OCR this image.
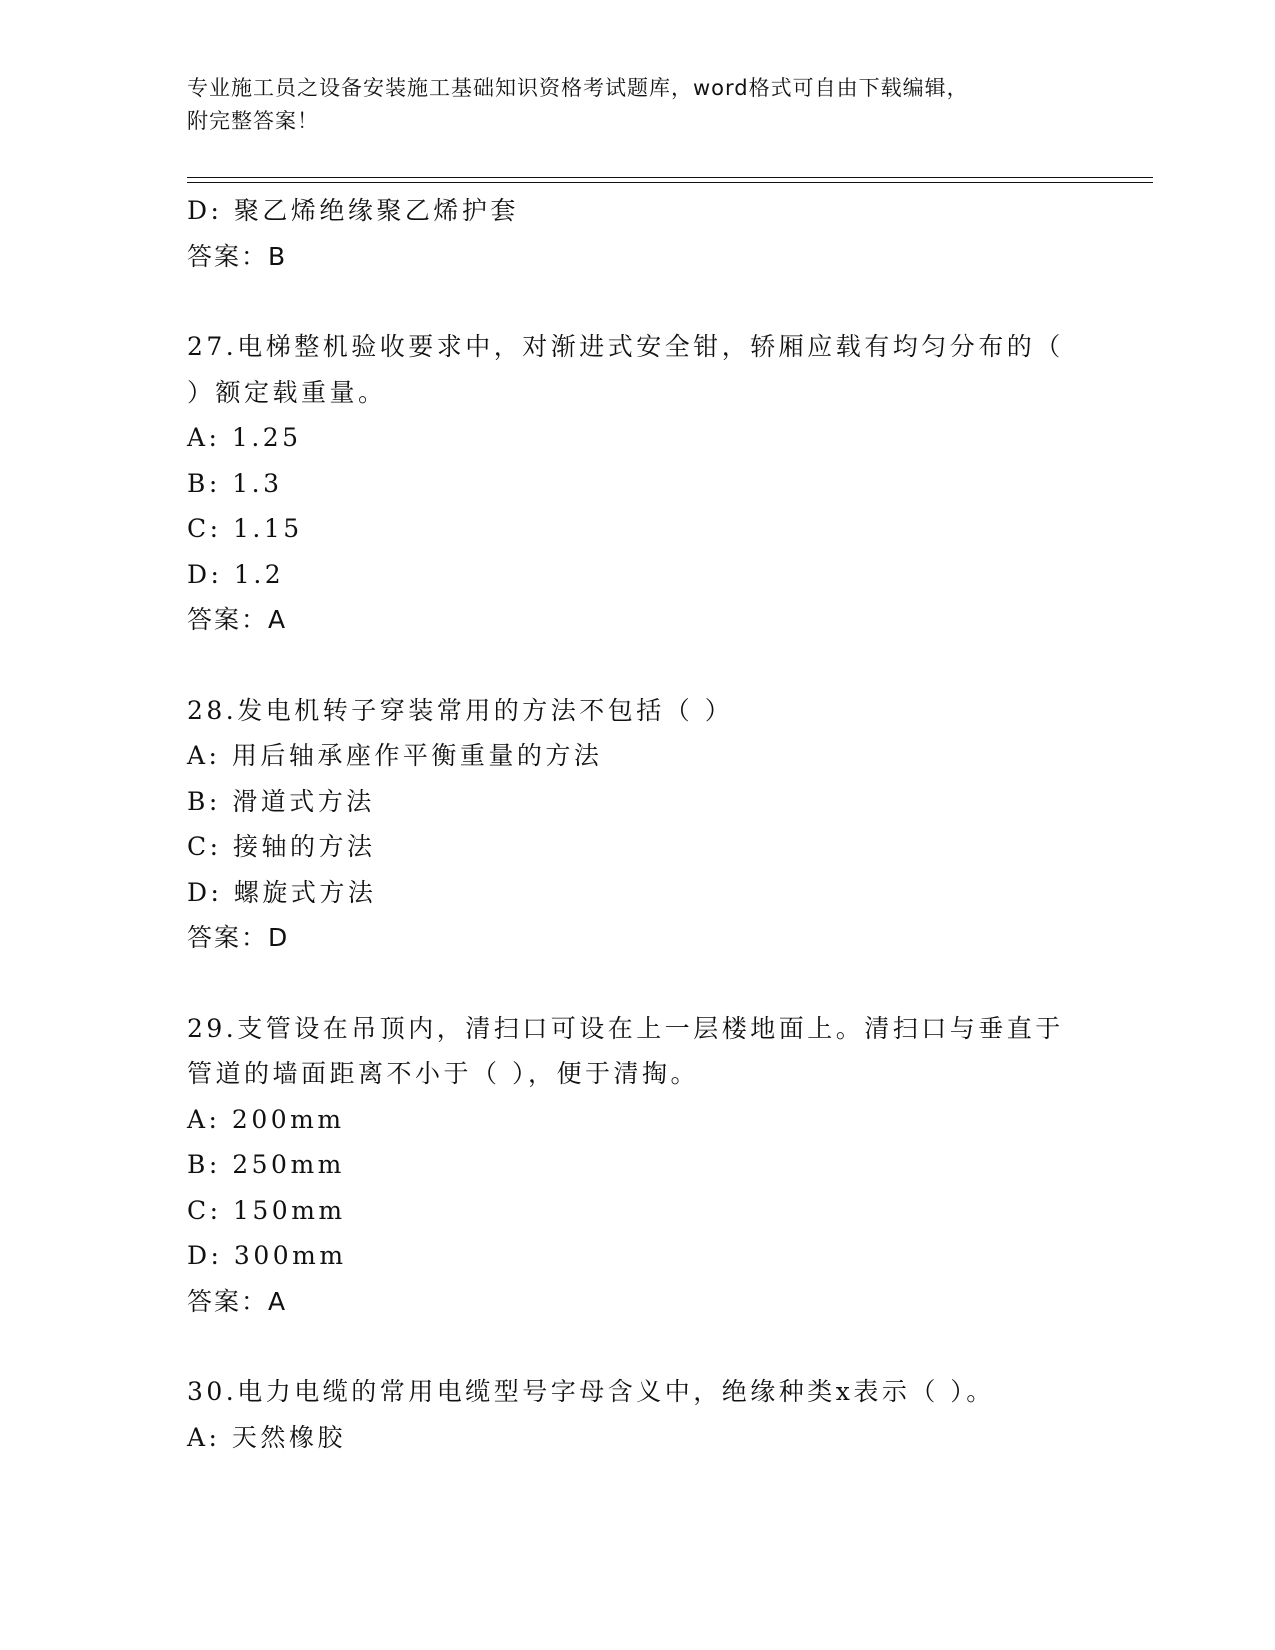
专业施工员之设备安装施工基础知识资格考试题库，word格式可自由下载编辑，
附完整答案！
D: 聚乙烯绝缘聚乙烯护套
答案：B
27.电梯整机验收要求中，对渐进式安全钳，轿厢应载有均匀分布的（
）额定载重量。
A: 1.25
B: 1.3
C: 1.15
D: 1.2
答案：A
28.发电机转子穿装常用的方法不包括（ ）
A: 用后轴承座作平衡重量的方法
B: 滑道式方法
C: 接轴的方法
D: 螺旋式方法
答案：D
29.支管设在吊顶内，清扫口可设在上一层楼地面上。清扫口与垂直于
管道的墙面距离不小于（ ），便于清掏。
A: 200mm
B: 250mm
C: 150mm
D: 300mm
答案：A
30.电力电缆的常用电缆型号字母含义中，绝缘种类x表示（ ）。
A: 天然橡胶
